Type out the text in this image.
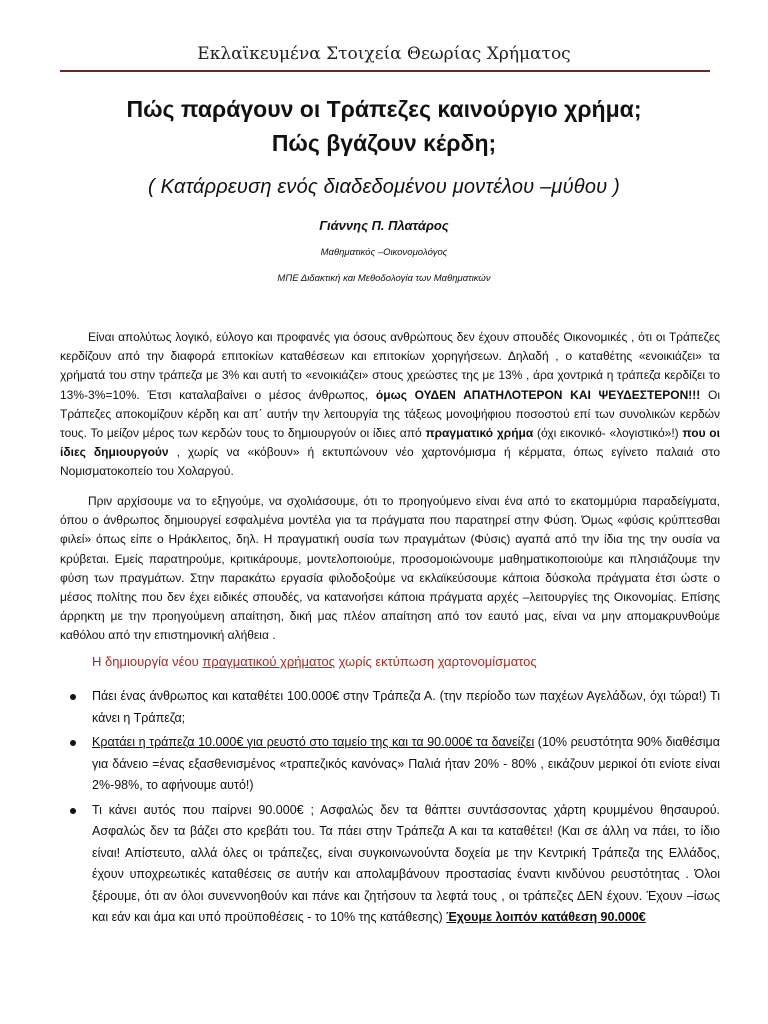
Εκλαϊκευμένα Στοιχεία Θεωρίας Χρήματος
Πώς παράγουν οι Τράπεζες καινούργιο χρήμα;
Πώς βγάζουν κέρδη;
( Κατάρρευση ενός διαδεδομένου μοντέλου –μύθου )
Γιάννης Π. Πλατάρος
Μαθηματικός –Οικονομολόγος
ΜΠΕ Διδακτική και Μεθοδολογία των Μαθηματικών

Είναι απολύτως λογικό, εύλογο και προφανές για όσους ανθρώπους δεν έχουν σπουδές Οικονομικές , ότι οι Τράπεζες κερδίζουν από την διαφορά επιτοκίων καταθέσεων και επιτοκίων χορηγήσεων. Δηλαδή , ο καταθέτης «ενοικιάζει» τα χρήματά του στην τράπεζα με 3% και αυτή το «ενοικιάζει» στους χρεώστες της με 13% , άρα χοντρικά η τράπεζα κερδίζει το 13%-3%=10%. Έτσι καταλαβαίνει ο μέσος άνθρωπος, όμως ΟΥΔΕΝ ΑΠΑΤΗΛΟΤΕΡΟΝ ΚΑΙ ΨΕΥΔΕΣΤΕΡΟΝ!!! Οι Τράπεζες αποκομίζουν κέρδη και απ΄ αυτήν την λειτουργία της τάξεως μονοψήφιου ποσοστού επί των συνολικών κερδών τους. Το μείζον μέρος των κερδών τους το δημιουργούν οι ίδιες από πραγματικό χρήμα (όχι εικονικό- «λογιστικό»!) που οι ίδιες δημιουργούν , χωρίς να «κόβουν» ή εκτυπώνουν νέο χαρτονόμισμα ή κέρματα, όπως εγίνετο παλαιά στο Νομισματοκοπείο του Χολαργού.

Πριν αρχίσουμε να το εξηγούμε, να σχολιάσουμε, ότι το προηγούμενο είναι ένα από το εκατομμύρια παραδείγματα, όπου ο άνθρωπος δημιουργεί εσφαλμένα μοντέλα για τα πράγματα που παρατηρεί στην Φύση. Όμως «φύσις κρύπτεσθαι φιλεί» όπως είπε ο Ηράκλειτος, δηλ. Η πραγματική ουσία των πραγμάτων (Φύσις) αγαπά από την ίδια της την ουσία να κρύβεται. Εμείς παρατηρούμε, κριτικάρουμε, μοντελοποιούμε, προσομοιώνουμε μαθηματικοποιούμε και πλησιάζουμε την φύση των πραγμάτων. Στην παρακάτω εργασία φιλοδοξούμε να εκλαϊκεύσουμε κάποια δύσκολα πράγματα έτσι ώστε ο μέσος πολίτης που δεν έχει ειδικές σπουδές, να κατανοήσει κάποια πράγματα αρχές –λειτουργίες της Οικονομίας. Επίσης άρρηκτη με την προηγούμενη απαίτηση, δική μας πλέον απαίτηση από τον εαυτό μας, είναι να μην απομακρυνθούμε καθόλου από την επιστημονική αλήθεια .

Η δημιουργία νέου πραγματικού χρήματος χωρίς εκτύπωση χαρτονομίσματος
Πάει ένας άνθρωπος και καταθέτει 100.000€ στην Τράπεζα Α. (την περίοδο των παχέων Αγελάδων, όχι τώρα!) Τι κάνει η Τράπεζα;
Κρατάει η τράπεζα 10.000€ για ρευστό στο ταμείο της και τα 90.000€ τα δανείζει (10% ρευστότητα 90% διαθέσιμα για δάνειο =ένας εξασθενισμένος «τραπεζικός κανόνας» Παλιά ήταν 20% - 80% , εικάζουν μερικοί ότι ενίοτε είναι 2%-98%, το αφήνουμε αυτό!)
Τι κάνει αυτός που παίρνει 90.000€ ; Ασφαλώς δεν τα θάπτει συντάσσοντας χάρτη κρυμμένου θησαυρού. Ασφαλώς δεν τα βάζει στο κρεβάτι του. Τα πάει στην Τράπεζα Α και τα καταθέτει! (Και σε άλλη να πάει, το ίδιο είναι! Απίστευτο, αλλά όλες οι τράπεζες, είναι συγκοινωνούντα δοχεία με την Κεντρική Τράπεζα της Ελλάδος, έχουν υποχρεωτικές καταθέσεις σε αυτήν και απολαμβάνουν προστασίας έναντι κινδύνου ρευστότητας . Όλοι ξέρουμε, ότι αν όλοι συνεννοηθούν και πάνε και ζητήσουν τα λεφτά τους , οι τράπεζες ΔΕΝ έχουν. Έχουν –ίσως και εάν και άμα και υπό προϋποθέσεις - το 10% της κατάθεσης) Έχουμε λοιπόν κατάθεση 90.000€
